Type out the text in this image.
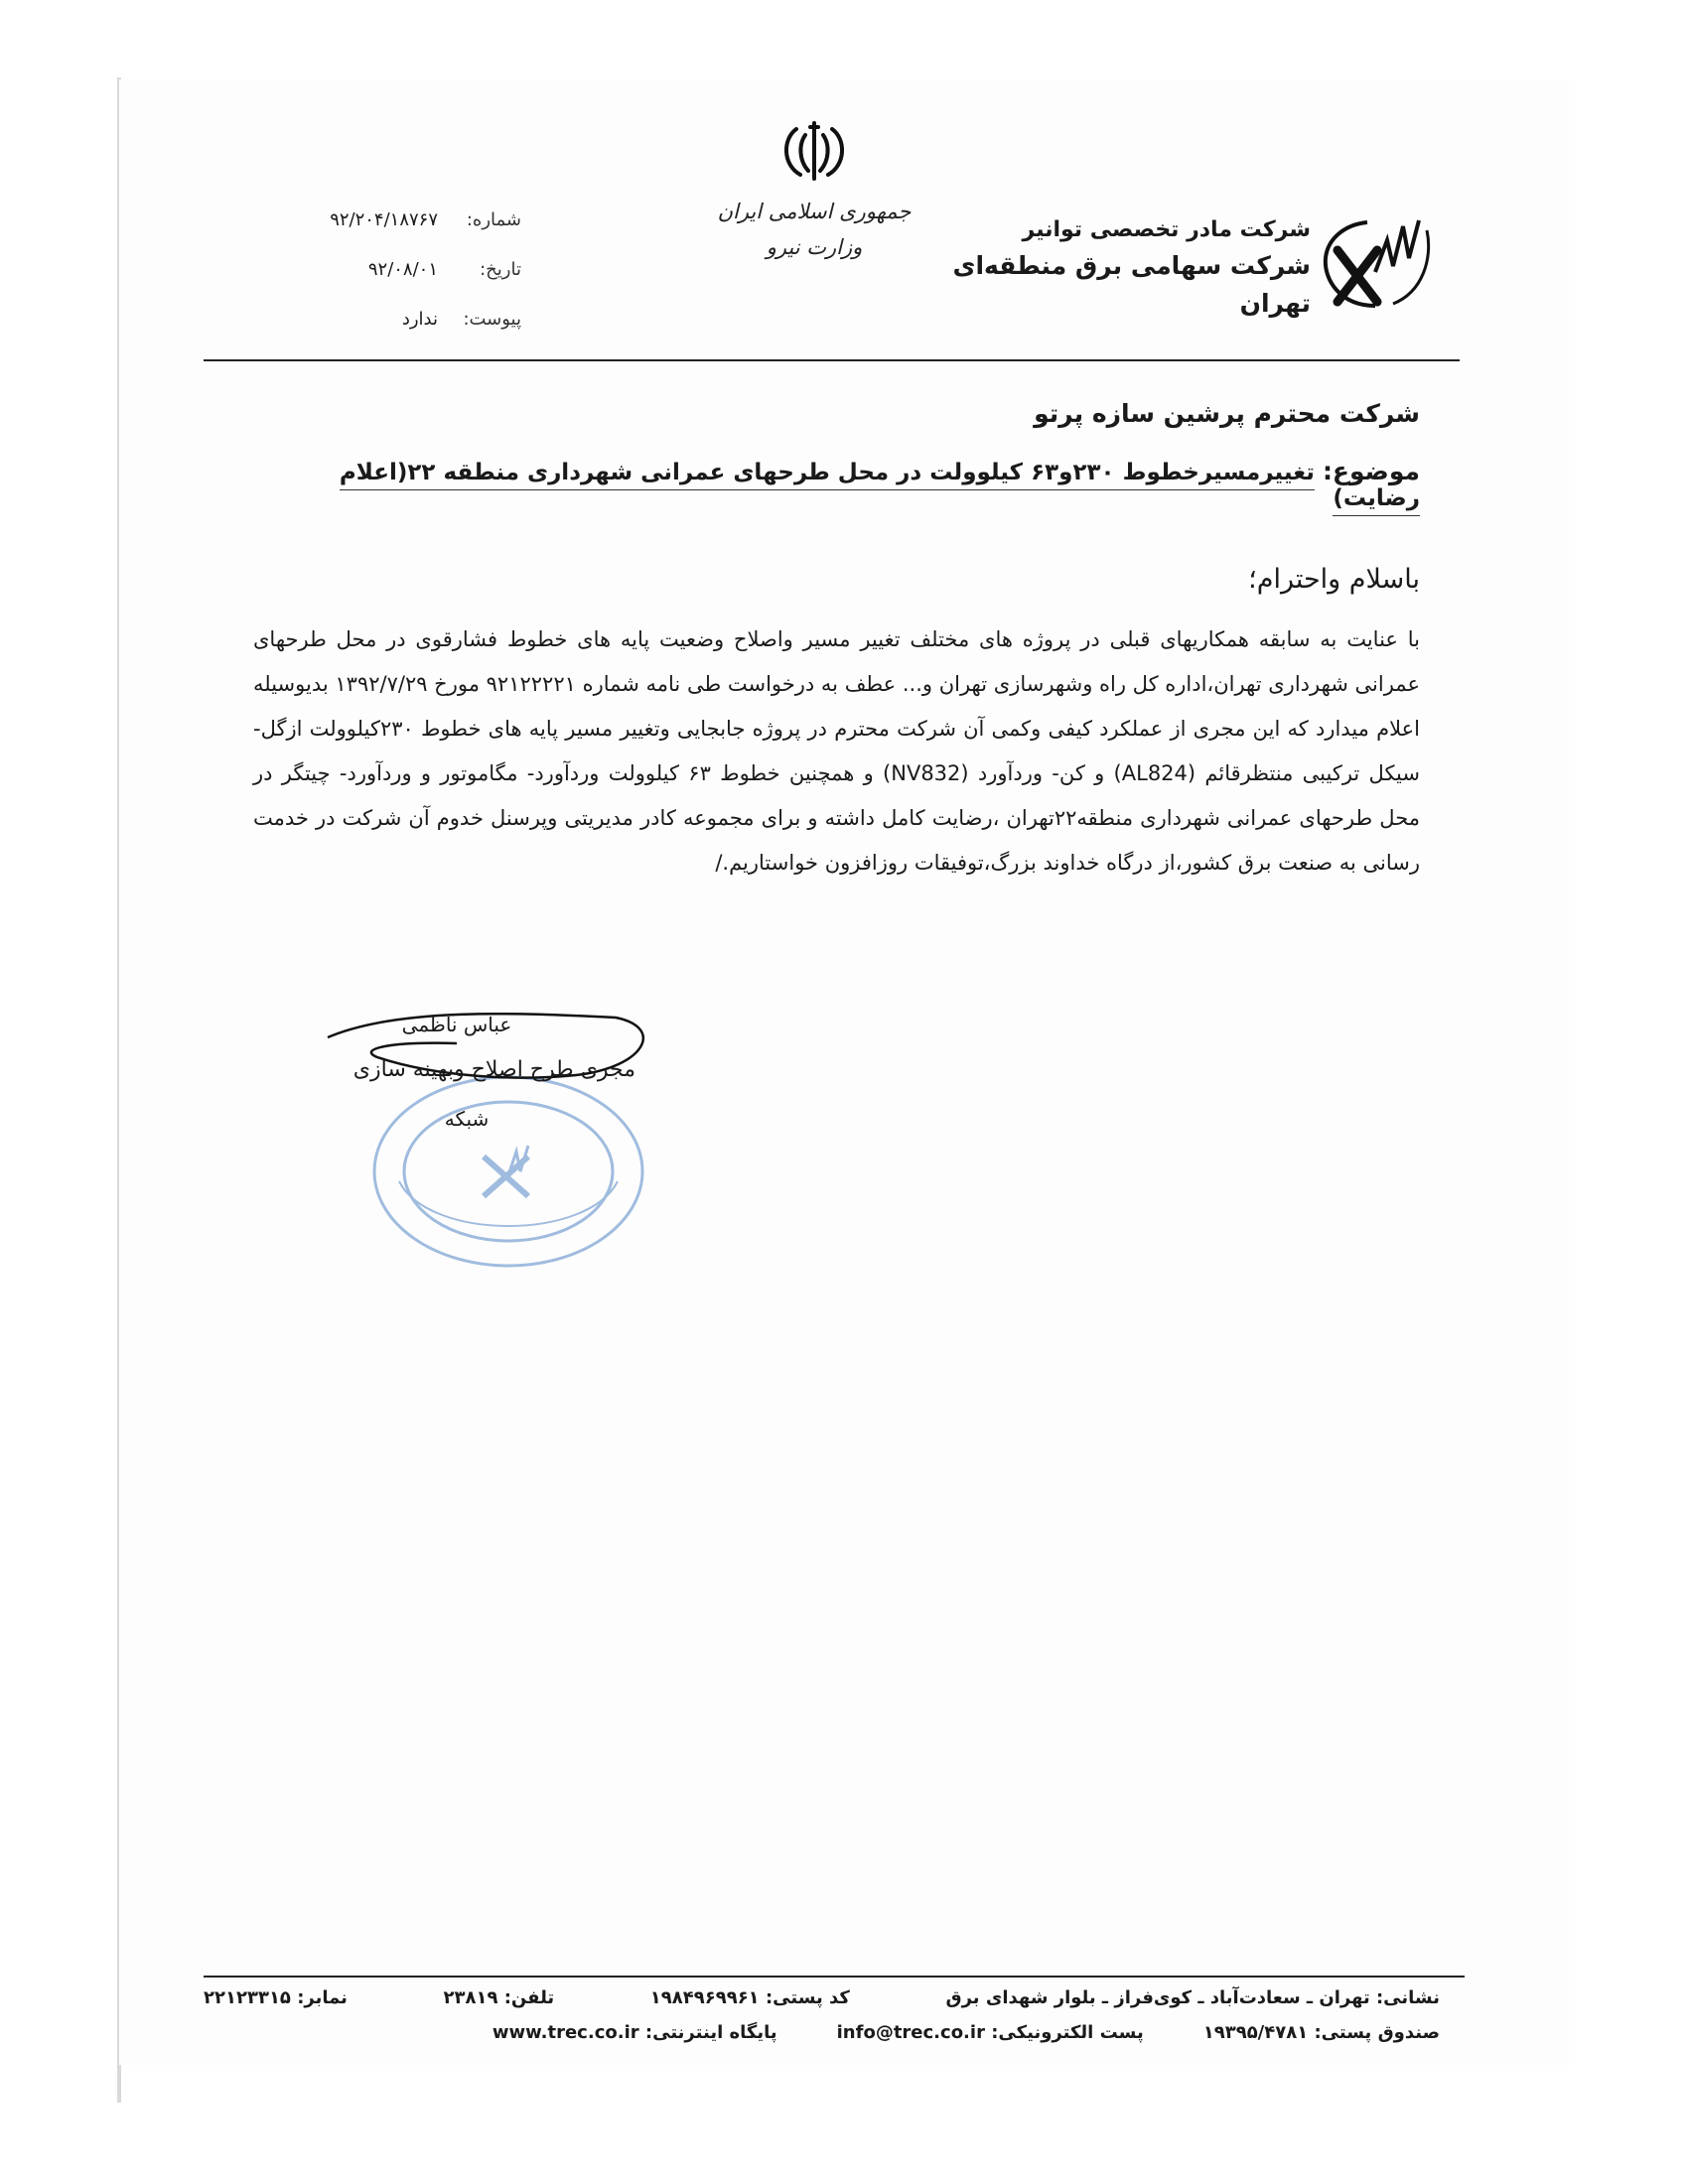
جمهوری اسلامی ایران
وزارت نیرو
شرکت مادر تخصصی توانیر
شرکت سهامی برق منطقه‌ای تهران
شماره:
۹۲/۲۰۴/۱۸۷۶۷
تاریخ:
۹۲/۰۸/۰۱
پیوست:
ندارد
شرکت محترم پرشین سازه پرتو
موضوع: تغییرمسیرخطوط ۲۳۰و۶۳ کیلوولت در محل طرحهای عمرانی شهرداری منطقه ۲۲(اعلام رضایت)
باسلام واحترام؛

با عنایت به سابقه همکاریهای قبلی در پروژه های مختلف تغییر مسیر واصلاح وضعیت پایه های خطوط فشارقوی در محل طرحهای عمرانی شهرداری تهران،اداره کل راه وشهرسازی تهران و... عطف به درخواست طی نامه شماره ۹۲۱۲۲۲۲۱ مورخ ۱۳۹۲/۷/۲۹ بدیوسیله اعلام میدارد که این مجری از عملکرد کیفی وکمی آن شرکت محترم در پروژه جابجایی وتغییر مسیر پایه های خطوط ۲۳۰کیلوولت ازگل- سیکل ترکیبی منتظرقائم (AL824) و کن- وردآورد (NV832) و همچنین خطوط ۶۳ کیلوولت وردآورد- مگاموتور و وردآورد- چیتگر در محل طرحهای عمرانی شهرداری منطقه۲۲تهران ،رضایت کامل داشته و برای مجموعه کادر مدیریتی وپرسنل خدوم آن شرکت در خدمت رسانی به صنعت برق کشور،از درگاه خداوند بزرگ،توفیقات روزافزون خواستاریم./

عباس ناظمی
مجری طرح اصلاح وبهینه سازی
شبکه
نشانی: تهران ـ سعادت‌آباد ـ کوی‌فراز ـ بلوار شهدای برق
کد پستی: ۱۹۸۴۹۶۹۹۶۱
تلفن: ۲۳۸۱۹
نمابر: ۲۲۱۲۳۳۱۵
صندوق پستی: ۱۹۳۹۵/۴۷۸۱
پست الکترونیکی: info@trec.co.ir
پایگاه اینترنتی: www.trec.co.ir
